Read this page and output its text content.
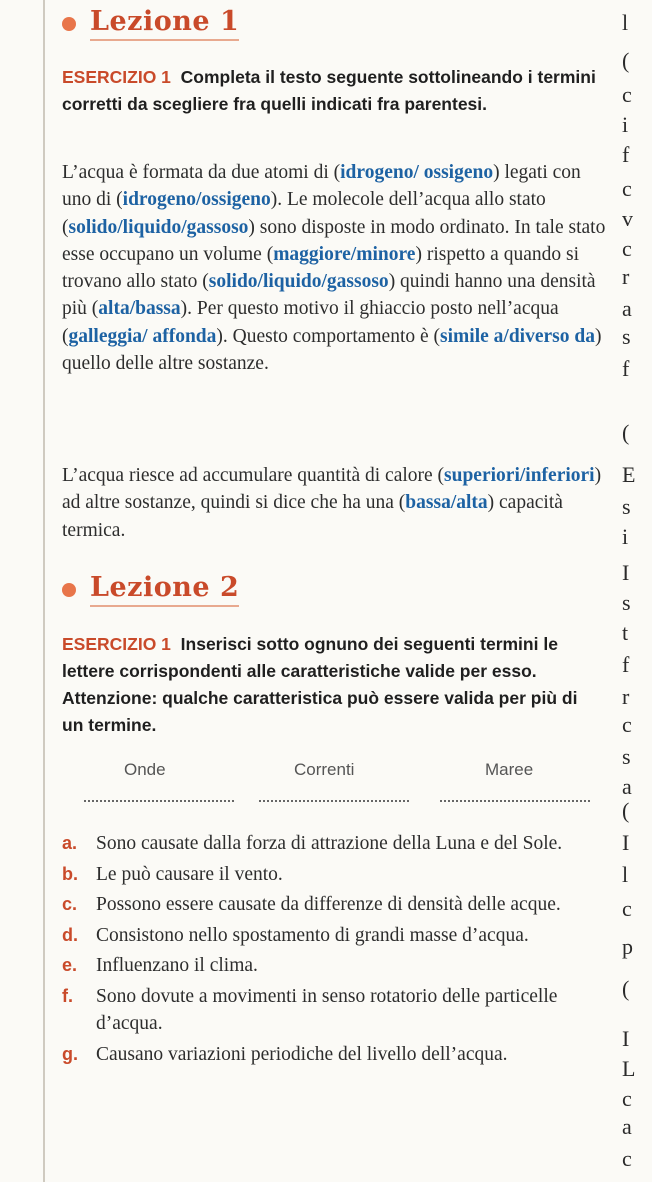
l
(
c
i
f
c
v
c
r
a
s
f
(
E
s
i
I
s
t
f
r
c
s
a
(
I
l
c
p
(
I
L
c
a
c
Lezione 1
ESERCIZIO 1 Completa il testo seguente sottolineando i termini corretti da scegliere fra quelli indicati fra parentesi.
L’acqua è formata da due atomi di (idrogeno/ ossigeno) legati con uno di (idrogeno/ossigeno). Le molecole dell’acqua allo stato (solido/liquido/gassoso) sono disposte in modo ordinato. In tale stato esse occupano un volume (maggiore/minore) rispetto a quando si trovano allo stato (solido/liquido/gassoso) quindi hanno una densità più (alta/bassa). Per questo motivo il ghiaccio posto nell’acqua (galleggia/ affonda). Questo comportamento è (simile a/diverso da) quello delle altre sostanze.
L’acqua riesce ad accumulare quantità di calore (superiori/inferiori) ad altre sostanze, quindi si dice che ha una (bassa/alta) capacità termica.
Lezione 2
ESERCIZIO 1 Inserisci sotto ognuno dei seguenti termini le lettere corrispondenti alle caratteristiche valide per esso. Attenzione: qualche caratteristica può essere valida per più di un termine.
Onde	Correnti	Maree
a. Sono causate dalla forza di attrazione della Luna e del Sole.
b. Le può causare il vento.
c. Possono essere causate da differenze di densità delle acque.
d. Consistono nello spostamento di grandi masse d’acqua.
e. Influenzano il clima.
f. Sono dovute a movimenti in senso rotatorio delle particelle d’acqua.
g. Causano variazioni periodiche del livello dell’acqua.
